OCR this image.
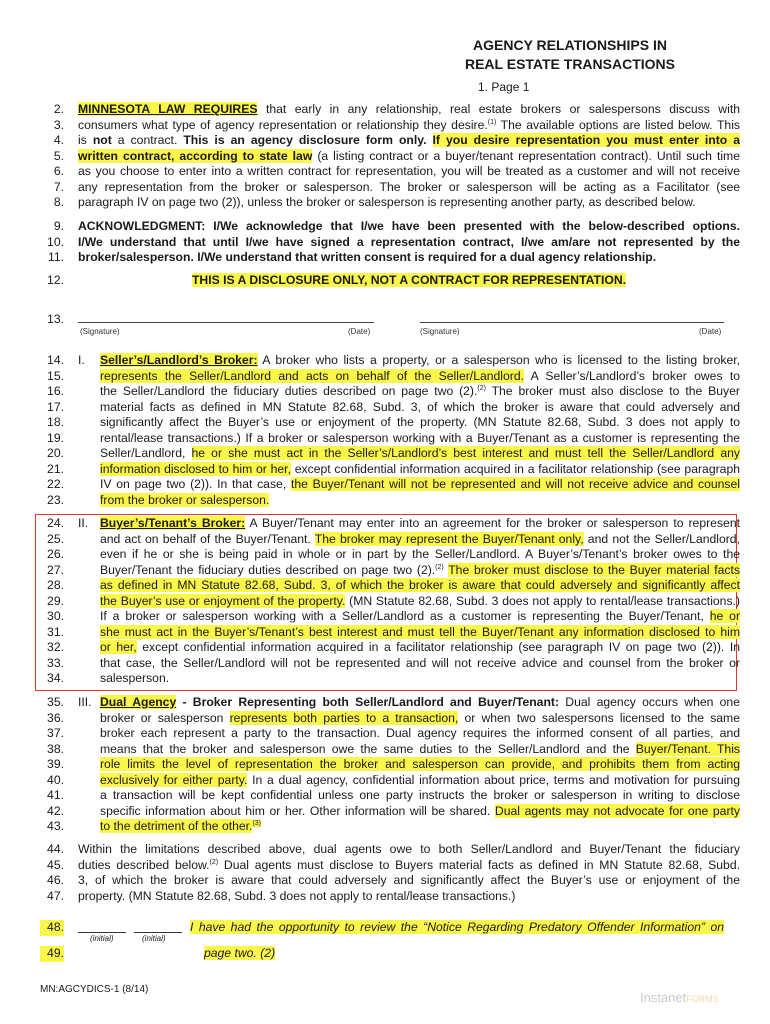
AGENCY RELATIONSHIPS IN
REAL ESTATE TRANSACTIONS
1. Page 1
2. MINNESOTA LAW REQUIRES that early in any relationship, real estate brokers or salespersons discuss with
3. consumers what type of agency representation or relationship they desire.$^{(1)}$ The available options are listed below. This
4. is not a contract. This is an agency disclosure form only. If you desire representation you must enter into a
5. written contract, according to state law (a listing contract or a buyer/tenant representation contract). Until such time
6. as you choose to enter into a written contract for representation, you will be treated as a customer and will not receive
7. any representation from the broker or salesperson. The broker or salesperson will be acting as a Facilitator (see
8. paragraph IV on page two (2)), unless the broker or salesperson is representing another party, as described below.
9. ACKNOWLEDGMENT: I/We acknowledge that I/we have been presented with the below-described options.
10. I/We understand that until I/we have signed a representation contract, I/we am/are not represented by the
11. broker/salesperson. I/We understand that written consent is required for a dual agency relationship.
12.	THIS IS A DISCLOSURE ONLY, NOT A CONTRACT FOR REPRESENTATION.
13.
(Signature)	(Date)	(Signature)	(Date)
14. I.	Seller’s/Landlord’s Broker: A broker who lists a property, or a salesperson who is licensed to the listing broker,
15.	represents the Seller/Landlord and acts on behalf of the Seller/Landlord. A Seller’s/Landlord’s broker owes to
16.	the Seller/Landlord the fiduciary duties described on page two (2).$^{(2)}$ The broker must also disclose to the Buyer
17.	material facts as defined in MN Statute 82.68, Subd. 3, of which the broker is aware that could adversely and
18.	significantly affect the Buyer’s use or enjoyment of the property. (MN Statute 82.68, Subd. 3 does not apply to
19.	rental/lease transactions.) If a broker or salesperson working with a Buyer/Tenant as a customer is representing the
20.	Seller/Landlord, he or she must act in the Seller’s/Landlord’s best interest and must tell the Seller/Landlord any
21.	information disclosed to him or her, except confidential information acquired in a facilitator relationship (see paragraph
22.	IV on page two (2)). In that case, the Buyer/Tenant will not be represented and will not receive advice and counsel
23.	from the broker or salesperson.
24. II. Buyer’s/Tenant’s Broker: A Buyer/Tenant may enter into an agreement for the broker or salesperson to represent
25.	and act on behalf of the Buyer/Tenant. The broker may represent the Buyer/Tenant only, and not the Seller/Landlord,
26.	even if he or she is being paid in whole or in part by the Seller/Landlord. A Buyer’s/Tenant’s broker owes to the
27.	Buyer/Tenant the fiduciary duties described on page two (2).$^{(2)}$ The broker must disclose to the Buyer material facts
28.	as defined in MN Statute 82.68, Subd. 3, of which the broker is aware that could adversely and significantly affect
29.	the Buyer’s use or enjoyment of the property. (MN Statute 82.68, Subd. 3 does not apply to rental/lease transactions.)
30.	If a broker or salesperson working with a Seller/Landlord as a customer is representing the Buyer/Tenant, he or
31.	she must act in the Buyer’s/Tenant’s best interest and must tell the Buyer/Tenant any information disclosed to him
32.	or her, except confidential information acquired in a facilitator relationship (see paragraph IV on page two (2)). In
33.	that case, the Seller/Landlord will not be represented and will not receive advice and counsel from the broker or
34.	salesperson.
35. III. Dual Agency - Broker Representing both Seller/Landlord and Buyer/Tenant: Dual agency occurs when one
36.	broker or salesperson represents both parties to a transaction, or when two salespersons licensed to the same
37.	broker each represent a party to the transaction. Dual agency requires the informed consent of all parties, and
38.	means that the broker and salesperson owe the same duties to the Seller/Landlord and the Buyer/Tenant. This
39.	role limits the level of representation the broker and salesperson can provide, and prohibits them from acting
40.	exclusively for either party. In a dual agency, confidential information about price, terms and motivation for pursuing
41.	a transaction will be kept confidential unless one party instructs the broker or salesperson in writing to disclose
42.	specific information about him or her. Other information will be shared. Dual agents may not advocate for one party
43.	to the detriment of the other.$^{(3)}$
44. Within the limitations described above, dual agents owe to both Seller/Landlord and Buyer/Tenant the fiduciary
45. duties described below.$^{(2)}$ Dual agents must disclose to Buyers material facts as defined in MN Statute 82.68, Subd.
46. 3, of which the broker is aware that could adversely and significantly affect the Buyer’s use or enjoyment of the
47. property. (MN Statute 82.68, Subd. 3 does not apply to rental/lease transactions.)
48.	I have had the opportunity to review the “Notice Regarding Predatory Offender Information” on
(initial)	(initial)
49.	page two. (2)
MN:AGCYDICS-1 (8/14)
InstanetFORMS
